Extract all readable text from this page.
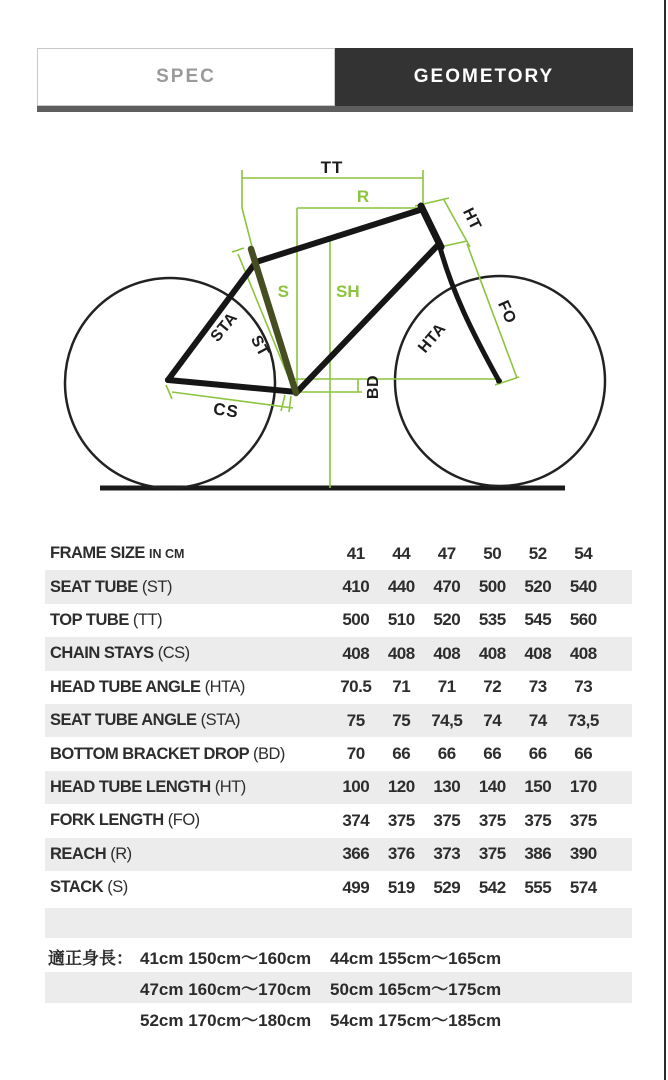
SPEC	GEOMETORY
TT
R
HT
S	SH
STA
ST
CS
HTA
BD
FO
FRAME SIZE IN CM	41	44	47	50	52	54
SEAT TUBE (ST)	410	440	470	500	520	540
TOP TUBE (TT)	500	510	520	535	545	560
CHAIN STAYS (CS)	408	408	408	408	408	408
HEAD TUBE ANGLE (HTA)	70.5	71	71	72	73	73
SEAT TUBE ANGLE (STA)	75	75	74,5	74	74	73,5
BOTTOM BRACKET DROP (BD)	70	66	66	66	66	66
HEAD TUBE LENGTH (HT)	100	120	130	140	150	170
FORK LENGTH (FO)	374	375	375	375	375	375
REACH (R)	366	376	373	375	386	390
STACK (S)	499	519	529	542	555	574
適正身長： 41cm 150cm～160cm	44cm 155cm～165cm
47cm 160cm～170cm	50cm 165cm～175cm
52cm 170cm～180cm	54cm 175cm～185cm
